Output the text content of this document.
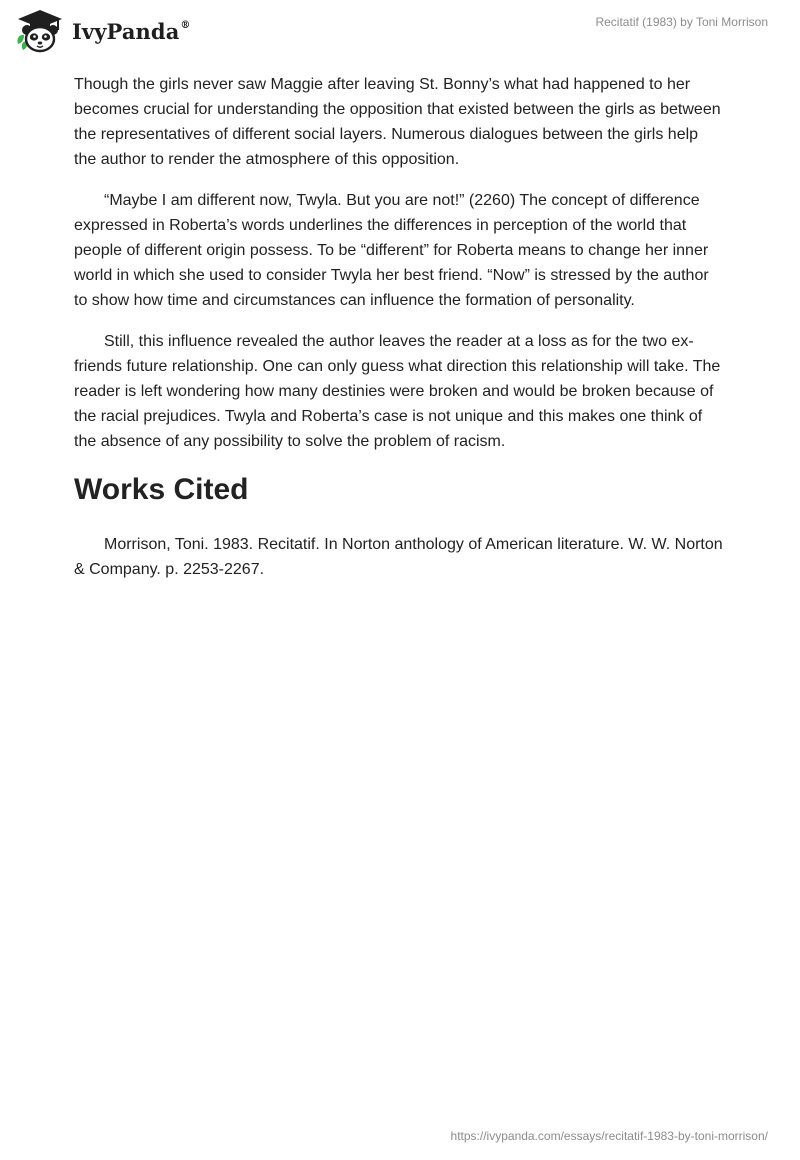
IvyPanda®	Recitatif (1983) by Toni Morrison

Though the girls never saw Maggie after leaving St. Bonny’s what had happened to her becomes crucial for understanding the opposition that existed between the girls as between the representatives of different social layers. Numerous dialogues between the girls help the author to render the atmosphere of this opposition.

“Maybe I am different now, Twyla. But you are not!” (2260) The concept of difference expressed in Roberta’s words underlines the differences in perception of the world that people of different origin possess. To be “different” for Roberta means to change her inner world in which she used to consider Twyla her best friend. “Now” is stressed by the author to show how time and circumstances can influence the formation of personality.

Still, this influence revealed the author leaves the reader at a loss as for the two ex-friends future relationship. One can only guess what direction this relationship will take. The reader is left wondering how many destinies were broken and would be broken because of the racial prejudices. Twyla and Roberta’s case is not unique and this makes one think of the absence of any possibility to solve the problem of racism.

Works Cited

Morrison, Toni. 1983. Recitatif. In Norton anthology of American literature. W. W. Norton & Company. p. 2253-2267.

https://ivypanda.com/essays/recitatif-1983-by-toni-morrison/
